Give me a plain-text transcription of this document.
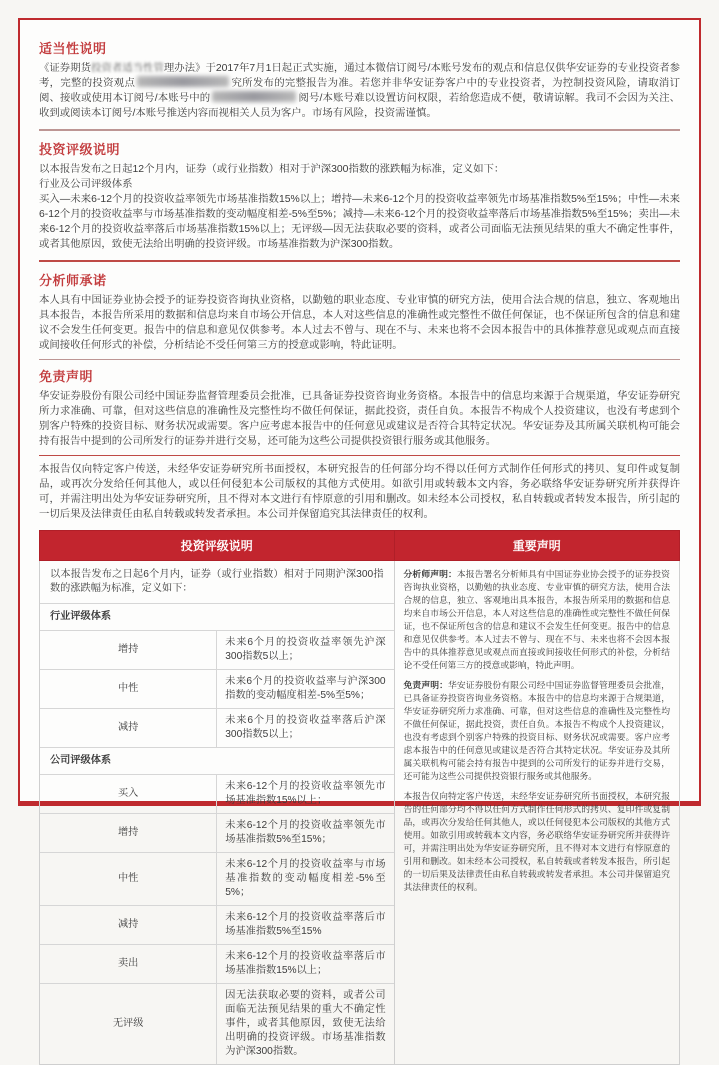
适当性说明

《证券期货投资者适当性管理办法》于2017年7月1日起正式实施，通过本微信订阅号/本账号发布的观点和信息仅供华安证券的专业投资者参考，完整的投资观点	究所发布的完整报告为准。若您并非华安证券客户中的专业投资者，为控制投资风险，请取消订阅、接收或使用本订阅号/本账号中的	阅号/本账号难以设置访问权限，若给您造成不便，敬请谅解。我司不会因为关注、收到或阅读本订阅号/本账号推送内容而视相关人员为客户。市场有风险，投资需谨慎。

投资评级说明

以本报告发布之日起12个月内，证券（或行业指数）相对于沪深300指数的涨跌幅为标准，定义如下：

行业及公司评级体系

买入—未来6-12个月的投资收益率领先市场基准指数15%以上；增持—未来6-12个月的投资收益率领先市场基准指数5%至15%；中性—未来6-12个月的投资收益率与市场基准指数的变动幅度相差-5%至5%；减持—未来6-12个月的投资收益率落后市场基准指数5%至15%；卖出—未来6-12个月的投资收益率落后市场基准指数15%以上；无评级—因无法获取必要的资料，或者公司面临无法预见结果的重大不确定性事件，或者其他原因，致使无法给出明确的投资评级。市场基准指数为沪深300指数。

分析师承诺

本人具有中国证券业协会授予的证券投资咨询执业资格，以勤勉的职业态度、专业审慎的研究方法，使用合法合规的信息，独立、客观地出具本报告，本报告所采用的数据和信息均来自市场公开信息，本人对这些信息的准确性或完整性不做任何保证，也不保证所包含的信息和建议不会发生任何变更。报告中的信息和意见仅供参考。本人过去不曾与、现在不与、未来也将不会因本报告中的具体推荐意见或观点而直接或间接收任何形式的补偿，分析结论不受任何第三方的授意或影响，特此证明。

免责声明

华安证券股份有限公司经中国证券监督管理委员会批准，已具备证券投资咨询业务资格。本报告中的信息均来源于合规渠道，华安证券研究所力求准确、可靠，但对这些信息的准确性及完整性均不做任何保证，据此投资，责任自负。本报告不构成个人投资建议，也没有考虑到个别客户特殊的投资目标、财务状况或需要。客户应考虑本报告中的任何意见或建议是否符合其特定状况。华安证券及其所属关联机构可能会持有报告中提到的公司所发行的证券并进行交易，还可能为这些公司提供投资银行服务或其他服务。

本报告仅向特定客户传送，未经华安证券研究所书面授权，本研究报告的任何部分均不得以任何方式制作任何形式的拷贝、复印件或复制品，或再次分发给任何其他人，或以任何侵犯本公司版权的其他方式使用。如欲引用或转载本文内容，务必联络华安证券研究所并获得许可，并需注明出处为华安证券研究所，且不得对本文进行有悖原意的引用和删改。如未经本公司授权，私自转载或者转发本报告，所引起的一切后果及法律责任由私自转载或转发者承担。本公司并保留追究其法律责任的权利。

投资评级说明	重要声明

以本报告发布之日起6个月内，证券（或行业指数）相对于同期沪深300指数的涨跌幅为标准，定义如下：
行业评级体系
增持	未来6个月的投资收益率领先沪深300指数5以上；
中性	未来6个月的投资收益率与沪深300指数的变动幅度相差-5%至5%；
减持	未来6个月的投资收益率落后沪深300指数5以上；
公司评级体系
买入	未来6-12个月的投资收益率领先市场基准指数15%以上；
增持	未来6-12个月的投资收益率领先市场基准指数5%至15%；
中性	未来6-12个月的投资收益率与市场基准指数的变动幅度相差-5%至5%；
减持	未来6-12个月的投资收益率落后市场基准指数5%至15%
卖出	未来6-12个月的投资收益率落后市场基准指数15%以上；
无评级	因无法获取必要的资料，或者公司面临无法预见结果的重大不确定性事件，或者其他原因，致使无法给出明确的投资评级。市场基准指数为沪深300指数。

分析师声明：本报告署名分析师具有中国证券业协会授予的证券投资咨询执业资格，以勤勉的执业态度、专业审慎的研究方法，使用合法合规的信息，独立、客观地出具本报告，本报告所采用的数据和信息均来自市场公开信息，本人对这些信息的准确性或完整性不做任何保证，也不保证所包含的信息和建议不会发生任何变更。报告中的信息和意见仅供参考。本人过去不曾与、现在不与、未来也将不会因本报告中的具体推荐意见或观点而直接或间接收任何形式的补偿，分析结论不受任何第三方的授意或影响，特此声明。

免责声明：华安证券股份有限公司经中国证券监督管理委员会批准，已具备证券投资咨询业务资格。本报告中的信息均来源于合规渠道，华安证券研究所力求准确、可靠，但对这些信息的准确性及完整性均不做任何保证，据此投资，责任自负。本报告不构成个人投资建议，也没有考虑到个别客户特殊的投资目标、财务状况或需要。客户应考虑本报告中的任何意见或建议是否符合其特定状况。华安证券及其所属关联机构可能会持有报告中提到的公司所发行的证券并进行交易，还可能为这些公司提供投资银行服务或其他服务。

本报告仅向特定客户传送，未经华安证券研究所书面授权，本研究报告的任何部分均不得以任何方式制作任何形式的拷贝、复印件或复制品，或再次分发给任何其他人，或以任何侵犯本公司版权的其他方式使用。如欲引用或转载本文内容，务必联络华安证券研究所并获得许可，并需注明出处为华安证券研究所，且不得对本文进行有悖原意的引用和删改。如未经本公司授权，私自转载或者转发本报告，所引起的一切后果及法律责任由私自转载或转发者承担。本公司并保留追究其法律责任的权利。
